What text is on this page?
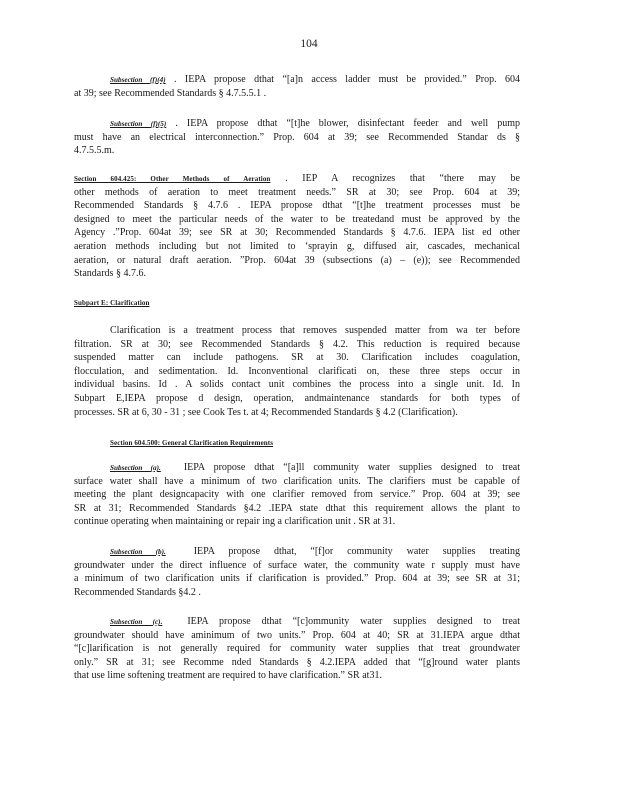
104
Subsection (f)(4) . IEPA propose dthat “[a]n access ladder must be provided.” Prop. 604
at 39; see Recommended Standards § 4.7.5.5.1 .
Subsection (f)(5) . IEPA propose dthat “[t]he blower, disinfectant feeder and well pump
must have an electrical interconnection.” Prop. 604 at 39; see Recommended Standar ds §
4.7.5.5.m.
Section 604.425: Other Methods of Aeration . IEP A recognizes that “there may be
other methods of aeration to meet treatment needs.” SR at 30; see Prop. 604 at 39;
Recommended Standards § 4.7.6 . IEPA propose dthat “[t]he treatment processes must be
designed to meet the particular needs of the water to be treatedand must be approved by the
Agency .”Prop. 604at 39; see SR at 30; Recommended Standards § 4.7.6. IEPA list ed other
aeration methods including but not limited to ‘sprayin g, diffused air, cascades, mechanical
aeration, or natural draft aeration. ”Prop. 604at 39 (subsections (a) – (e)); see Recommended
Standards § 4.7.6.
Subpart E: Clarification
Clarification is a treatment process that removes suspended matter from wa ter before
filtration. SR at 30; see Recommended Standards § 4.2. This reduction is required because
suspended matter can include pathogens. SR at 30. Clarification includes coagulation,
flocculation, and sedimentation. Id. Inconventional clarificati on, these three steps occur in
individual basins. Id . A solids contact unit combines the process into a single unit. Id. In
Subpart E,IEPA propose d design, operation, andmaintenance standards for both types of
processes. SR at 6, 30 - 31 ; see Cook Tes t. at 4; Recommended Standards § 4.2 (Clarification).
Section 604.500: General Clarification Requirements
Subsection (a). IEPA propose dthat “[a]ll community water supplies designed to treat
surface water shall have a minimum of two clarification units. The clarifiers must be capable of
meeting the plant designcapacity with one clarifier removed from service.” Prop. 604 at 39; see
SR at 31; Recommended Standards §4.2 .IEPA state dthat this requirement allows the plant to
continue operating when maintaining or repair ing a clarification unit . SR at 31.
Subsection (b).	IEPA propose dthat, “[f]or community water supplies treating
groundwater under the direct influence of surface water, the community wate r supply must have
a minimum of two clarification units if clarification is provided.” Prop. 604 at 39; see SR at 31;
Recommended Standards §4.2 .
Subsection (c). IEPA propose dthat “[c]ommunity water supplies designed to treat
groundwater should have aminimum of two units.” Prop. 604 at 40; SR at 31.IEPA argue dthat
“[c]larification is not generally required for community water supplies that treat groundwater
only.” SR at 31; see Recomme nded Standards § 4.2.IEPA added that “[g]round water plants
that use lime softening treatment are required to have clarification.” SR at31.
